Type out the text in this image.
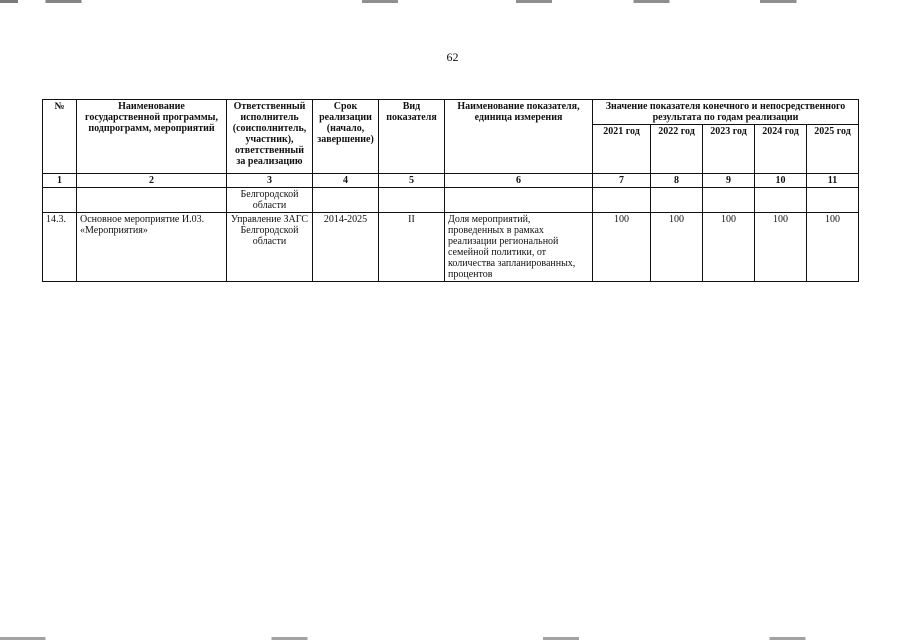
62
№	Наименование государственной программы, подпрограмм, мероприятий	Ответственный исполнитель (соисполнитель, участник), ответственный за реализацию	Срок реализации (начало, завершение)	Вид показателя	Наименование показателя, единица измерения	Значение показателя конечного и непосредственного результата по годам реализации				
						2021 год	2022 год	2023 год	2024 год	2025 год
1	2	3	4	5	6	7	8	9	10	11
		Белгородской области								
14.3.	Основное мероприятие И.03. «Мероприятия»	Управление ЗАГС Белгородской области	2014-2025	II	Доля мероприятий, проведенных в рамках реализации региональной семейной политики, от количества запланированных, процентов	100	100	100	100	100
